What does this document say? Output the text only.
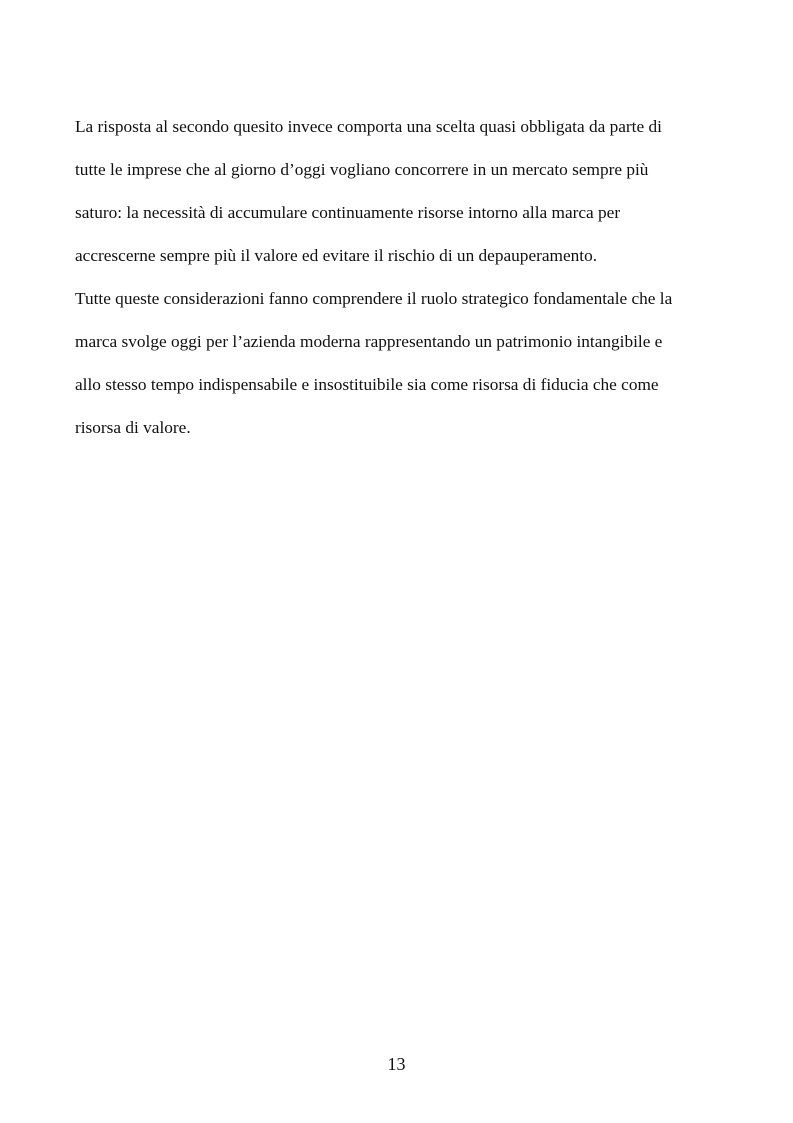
La risposta al secondo quesito invece comporta una scelta quasi obbligata da parte di
tutte le imprese che al giorno d’oggi vogliano concorrere in un mercato sempre più
saturo: la necessità di accumulare continuamente risorse intorno alla marca per
accrescerne sempre più il valore ed evitare il rischio di un depauperamento.
Tutte queste considerazioni fanno comprendere il ruolo strategico fondamentale che la
marca svolge oggi per l’azienda moderna rappresentando un patrimonio intangibile e
allo stesso tempo indispensabile e insostituibile sia come risorsa di fiducia che come
risorsa di valore.
13
